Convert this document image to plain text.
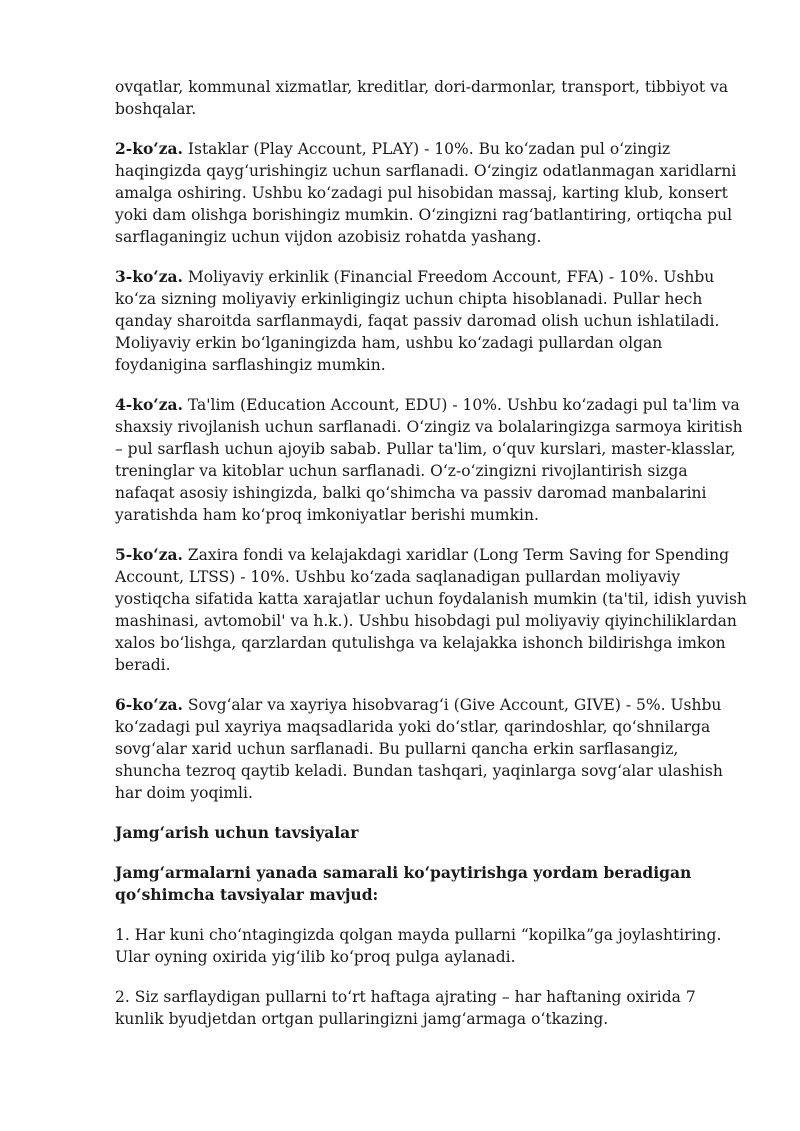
ovqatlar, kommunal xizmatlar, kreditlar, dori-darmonlar, transport, tibbiyot va boshqalar.

2-ko‘za. Istaklar (Play Account, PLAY) - 10%. Bu ko‘zadan pul o‘zingiz haqingizda qayg‘urishingiz uchun sarflanadi. O‘zingiz odatlanmagan xaridlarni amalga oshiring. Ushbu ko‘zadagi pul hisobidan massaj, karting klub, konsert yoki dam olishga borishingiz mumkin. O‘zingizni rag‘batlantiring, ortiqcha pul sarflaganingiz uchun vijdon azobisiz rohatda yashang.

3-ko‘za. Moliyaviy erkinlik (Financial Freedom Account, FFA) - 10%. Ushbu ko‘za sizning moliyaviy erkinligingiz uchun chipta hisoblanadi. Pullar hech qanday sharoitda sarflanmaydi, faqat passiv daromad olish uchun ishlatiladi. Moliyaviy erkin bo‘lganingizda ham, ushbu ko‘zadagi pullardan olgan foydanigina sarflashingiz mumkin.

4-ko‘za. Ta'lim (Education Account, EDU) - 10%. Ushbu ko‘zadagi pul ta'lim va shaxsiy rivojlanish uchun sarflanadi. O‘zingiz va bolalaringizga sarmoya kiritish – pul sarflash uchun ajoyib sabab. Pullar ta'lim, o‘quv kurslari, master-klasslar, treninglar va kitoblar uchun sarflanadi. O‘z-o‘zingizni rivojlantirish sizga nafaqat asosiy ishingizda, balki qo‘shimcha va passiv daromad manbalarini yaratishda ham ko‘proq imkoniyatlar berishi mumkin.

5-ko‘za. Zaxira fondi va kelajakdagi xaridlar (Long Term Saving for Spending Account, LTSS) - 10%. Ushbu ko‘zada saqlanadigan pullardan moliyaviy yostiqcha sifatida katta xarajatlar uchun foydalanish mumkin (ta'til, idish yuvish mashinasi, avtomobil' va h.k.). Ushbu hisobdagi pul moliyaviy qiyinchiliklardan xalos bo‘lishga, qarzlardan qutulishga va kelajakka ishonch bildirishga imkon beradi.

6-ko‘za. Sovg‘alar va xayriya hisobvarag‘i (Give Account, GIVE) - 5%. Ushbu ko‘zadagi pul xayriya maqsadlarida yoki do‘stlar, qarindoshlar, qo‘shnilarga sovg‘alar xarid uchun sarflanadi. Bu pullarni qancha erkin sarflasangiz, shuncha tezroq qaytib keladi. Bundan tashqari, yaqinlarga sovg‘alar ulashish har doim yoqimli.

Jamg‘arish uchun tavsiyalar

Jamg‘armalarni yanada samarali ko‘paytirishga yordam beradigan qo‘shimcha tavsiyalar mavjud:

1. Har kuni cho‘ntagingizda qolgan mayda pullarni “kopilka”ga joylashtiring. Ular oyning oxirida yig‘ilib ko‘proq pulga aylanadi.

2. Siz sarflaydigan pullarni to‘rt haftaga ajrating – har haftaning oxirida 7 kunlik byudjetdan ortgan pullaringizni jamg‘armaga o‘tkazing.
